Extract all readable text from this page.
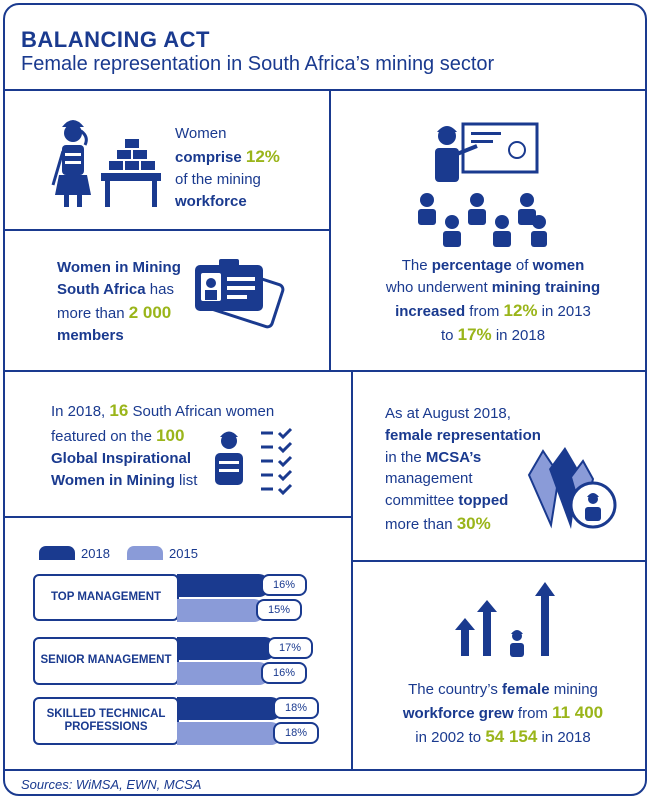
BALANCING ACT
Female representation in South Africa’s mining sector
Women
comprise 12%
of the mining
workforce
Women in Mining
South Africa has
more than 2 000
members
The percentage of women
who underwent mining training
increased from 12% in 2013
to 17% in 2018
In 2018, 16 South African women
featured on the 100
Global Inspirational
Women in Mining list
As at August 2018,
female representation
in the MCSA’s
management
committee topped
more than 30%
2018	2015
The country’s female mining
workforce grew from 11 400
in 2002 to 54 154 in 2018
Sources: WiMSA, EWN, MCSA
TOP MANAGEMENT
16%
15%
SENIOR MANAGEMENT
17%
16%
SKILLED TECHNICAL PROFESSIONS
18%
18%
